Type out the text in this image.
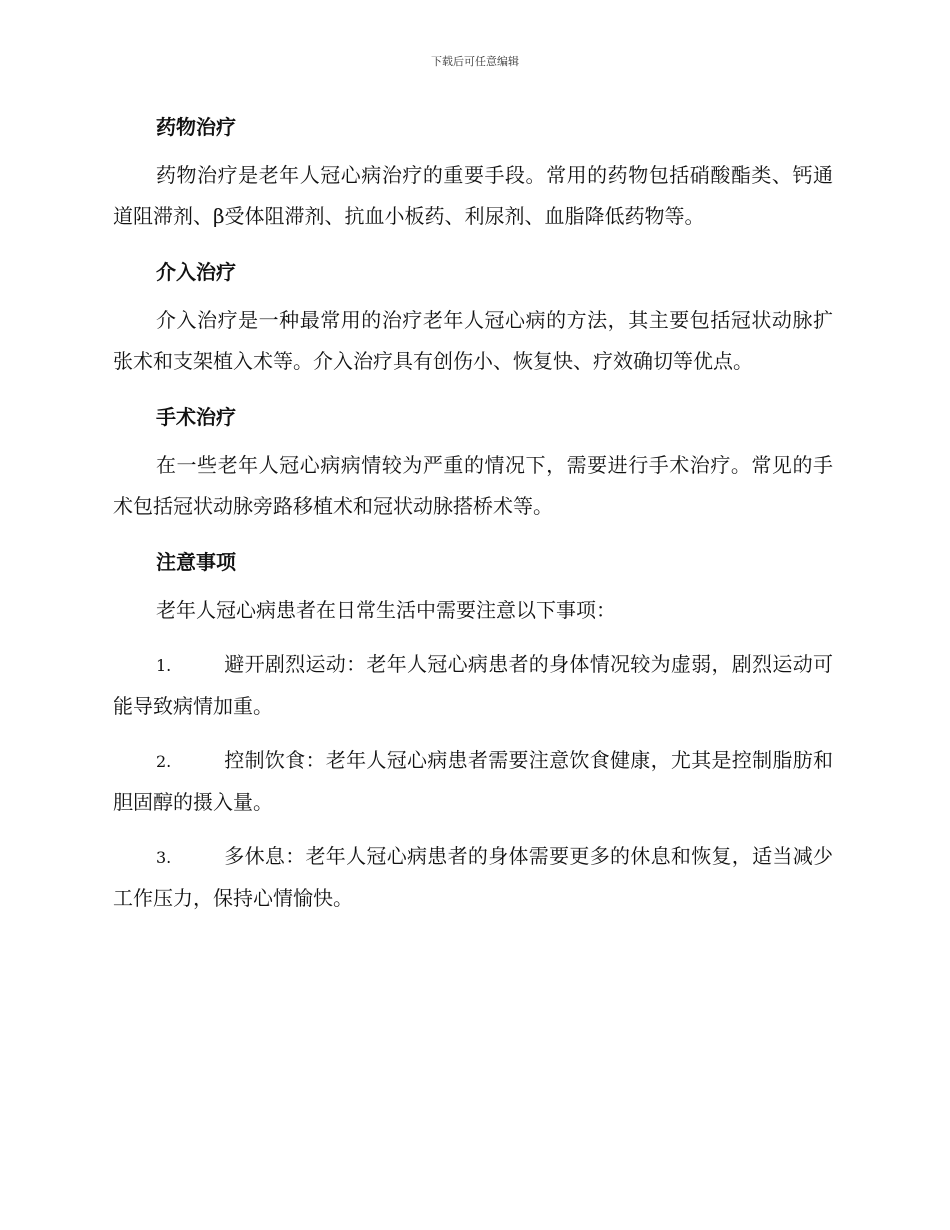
下载后可任意编辑

药物治疗

药物治疗是老年人冠心病治疗的重要手段。常用的药物包括硝酸酯类、钙通道阻滞剂、β受体阻滞剂、抗血小板药、利尿剂、血脂降低药物等。

介入治疗

介入治疗是一种最常用的治疗老年人冠心病的方法，其主要包括冠状动脉扩张术和支架植入术等。介入治疗具有创伤小、恢复快、疗效确切等优点。

手术治疗

在一些老年人冠心病病情较为严重的情况下，需要进行手术治疗。常见的手术包括冠状动脉旁路移植术和冠状动脉搭桥术等。

注意事项

老年人冠心病患者在日常生活中需要注意以下事项：

1.	避开剧烈运动：老年人冠心病患者的身体情况较为虚弱，剧烈运动可能导致病情加重。

2.	控制饮食：老年人冠心病患者需要注意饮食健康，尤其是控制脂肪和胆固醇的摄入量。

3.	多休息：老年人冠心病患者的身体需要更多的休息和恢复，适当减少工作压力，保持心情愉快。
